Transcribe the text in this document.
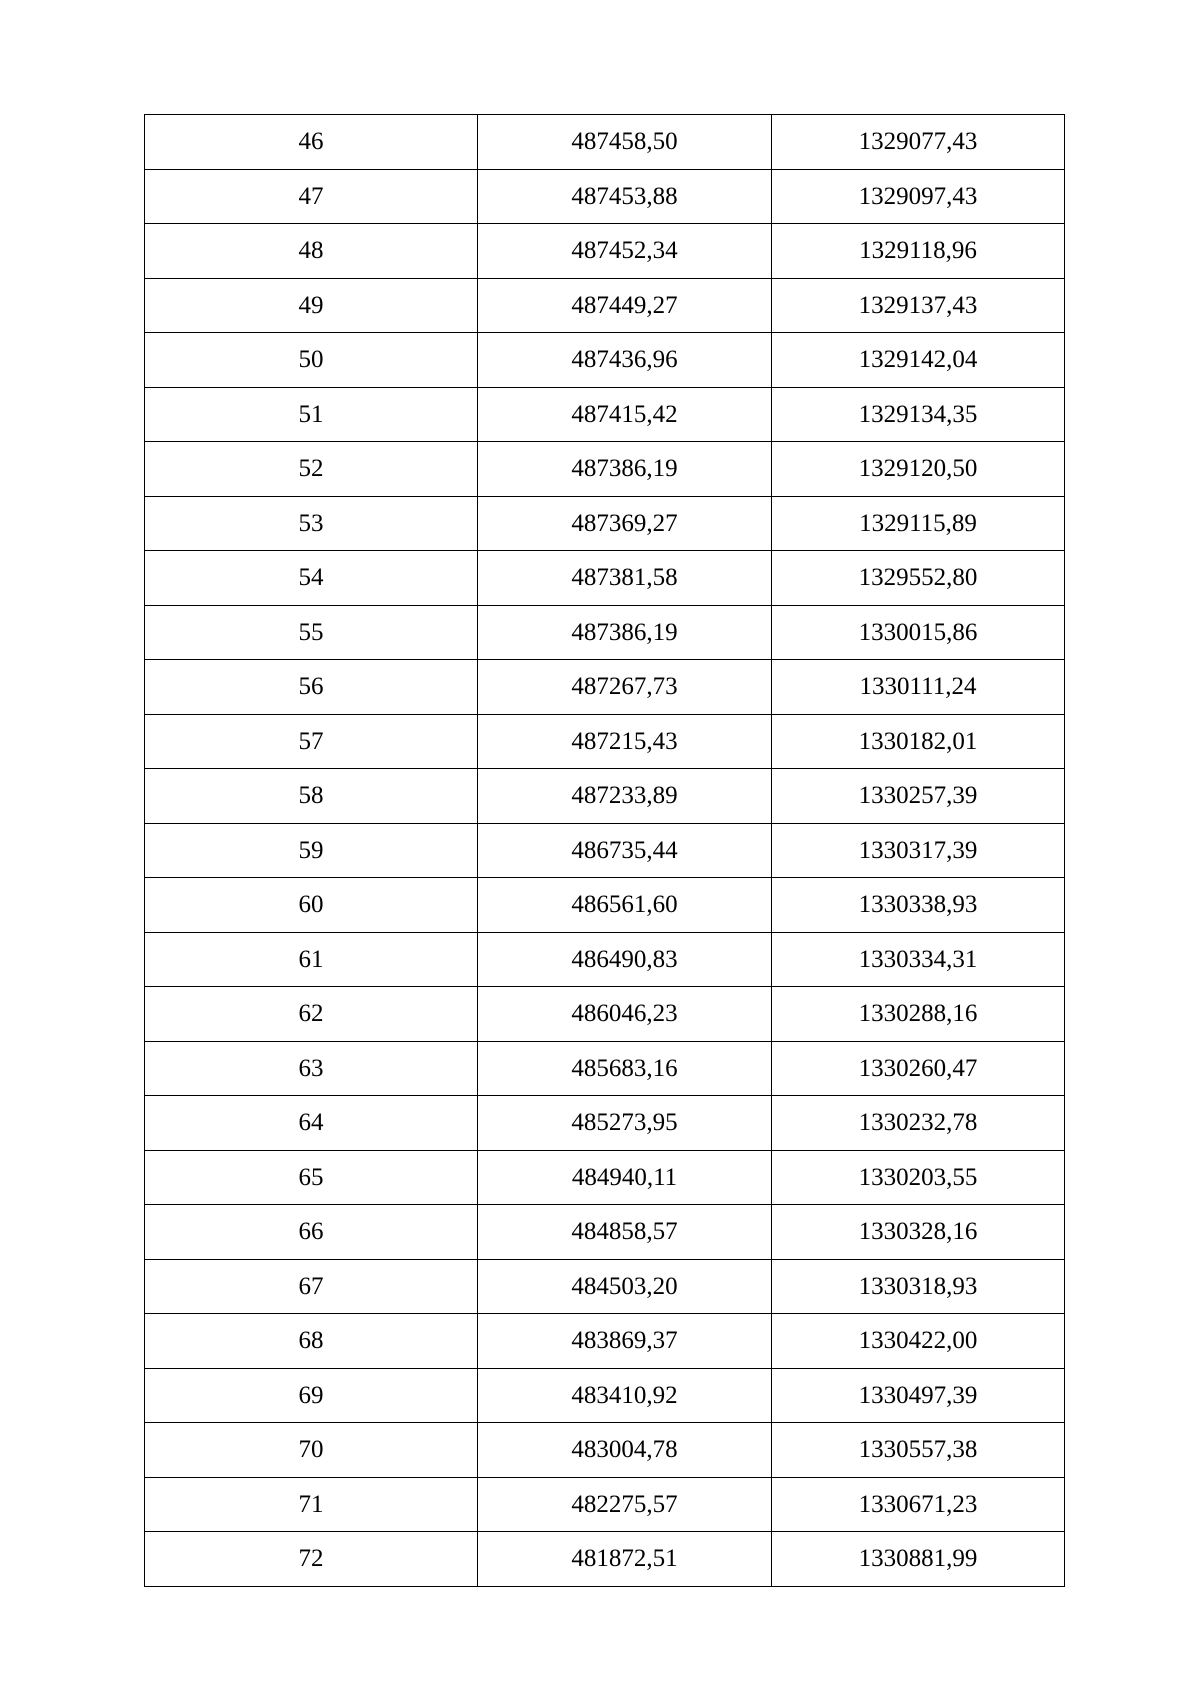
46	487458,50	1329077,43
47	487453,88	1329097,43
48	487452,34	1329118,96
49	487449,27	1329137,43
50	487436,96	1329142,04
51	487415,42	1329134,35
52	487386,19	1329120,50
53	487369,27	1329115,89
54	487381,58	1329552,80
55	487386,19	1330015,86
56	487267,73	1330111,24
57	487215,43	1330182,01
58	487233,89	1330257,39
59	486735,44	1330317,39
60	486561,60	1330338,93
61	486490,83	1330334,31
62	486046,23	1330288,16
63	485683,16	1330260,47
64	485273,95	1330232,78
65	484940,11	1330203,55
66	484858,57	1330328,16
67	484503,20	1330318,93
68	483869,37	1330422,00
69	483410,92	1330497,39
70	483004,78	1330557,38
71	482275,57	1330671,23
72	481872,51	1330881,99
